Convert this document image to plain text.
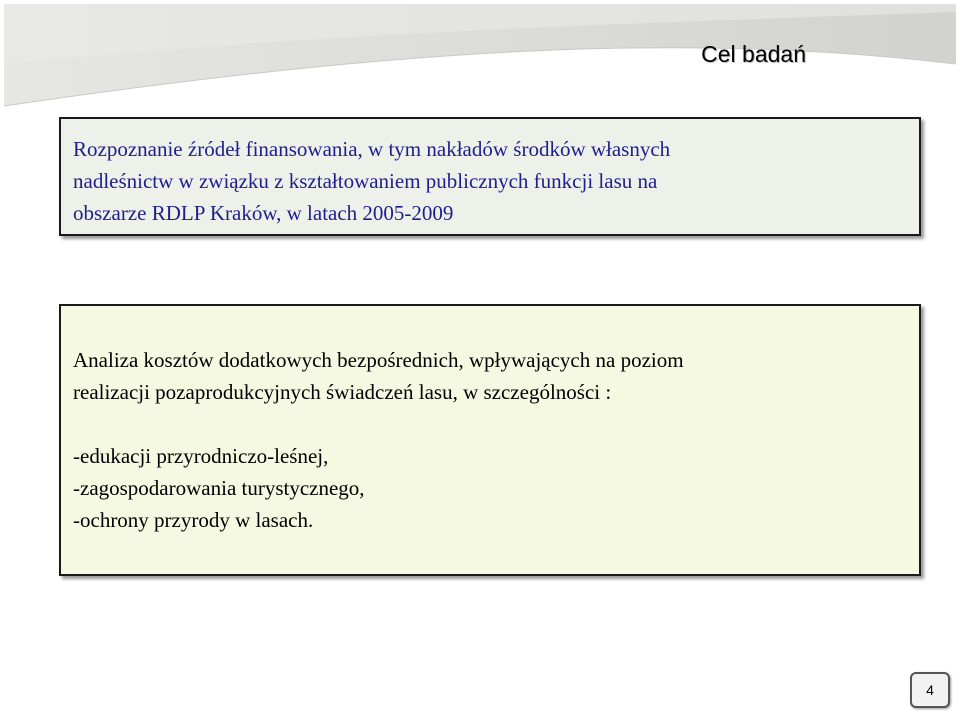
Cel badań
Rozpoznanie źródeł finansowania, w tym nakładów środków własnych
nadleśnictw w związku z kształtowaniem publicznych funkcji lasu na
obszarze RDLP Kraków, w latach 2005-2009
Analiza kosztów dodatkowych bezpośrednich, wpływających na poziom
realizacji pozaprodukcyjnych świadczeń lasu, w szczególności :
-edukacji przyrodniczo-leśnej,
-zagospodarowania turystycznego,
-ochrony przyrody w lasach.
4
